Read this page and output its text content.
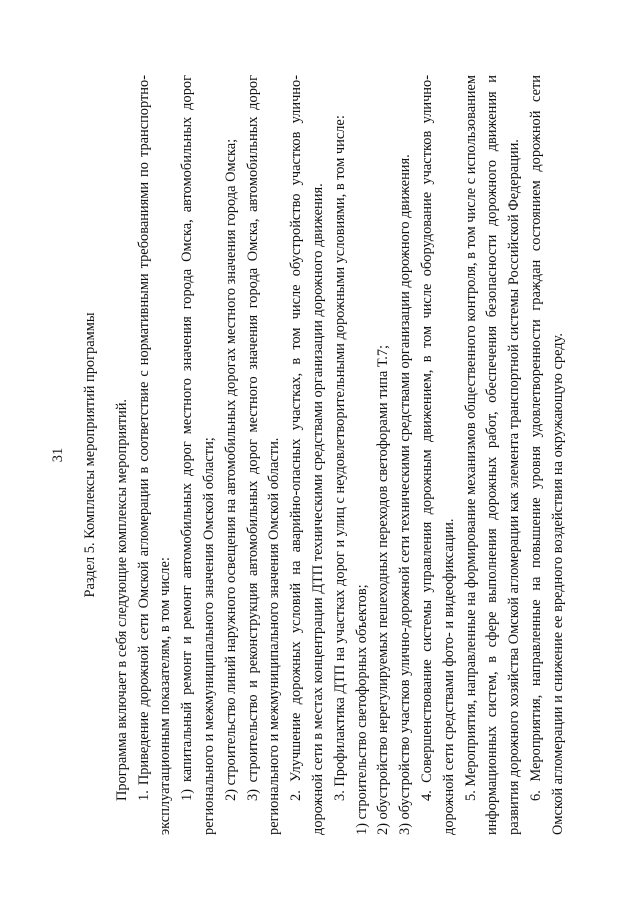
31 Раздел 5. Комплексы мероприятий программы Программа включает в себя следующие комплексы мероприятий. 1. Приведение дорожной сети Омской агломерации в соответствие с нормативными требованиями по транспортно-эксплуатационным показателям, в том числе: 1) капитальный ремонт и ремонт автомобильных дорог местного значения города Омска, автомобильных дорог регионального и межмуниципального значения Омской области; 2) строительство линий наружного освещения на автомобильных дорогах местного значения города Омска; 3) строительство и реконструкция автомобильных дорог местного значения города Омска, автомобильных дорог регионального и межмуниципального значения Омской области. 2. Улучшение дорожных условий на аварийно-опасных участках, в том числе обустройство участков улично-дорожной сети в местах концентрации ДТП техническими средствами организации дорожного движения. 3. Профилактика ДТП на участках дорог и улиц с неудовлетворительными дорожными условиями, в том числе: 1) строительство светофорных объектов; 2) обустройство нерегулируемых пешеходных переходов светофорами типа Т.7; 3) обустройство участков улично-дорожной сети техническими средствами организации дорожного движения. 4. Совершенствование системы управления дорожным движением, в том числе оборудование участков улично-дорожной сети средствами фото- и видеофиксации. 5. Мероприятия, направленные на формирование механизмов общественного контроля, в том числе с использованием информационных систем, в сфере выполнения дорожных работ, обеспечения безопасности дорожного движения и развития дорожного хозяйства Омской агломерации как элемента транспортной системы Российской Федерации. 6. Мероприятия, направленные на повышение уровня удовлетворенности граждан состоянием дорожной сети Омской агломерации и снижение ее вредного воздействия на окружающую среду.
